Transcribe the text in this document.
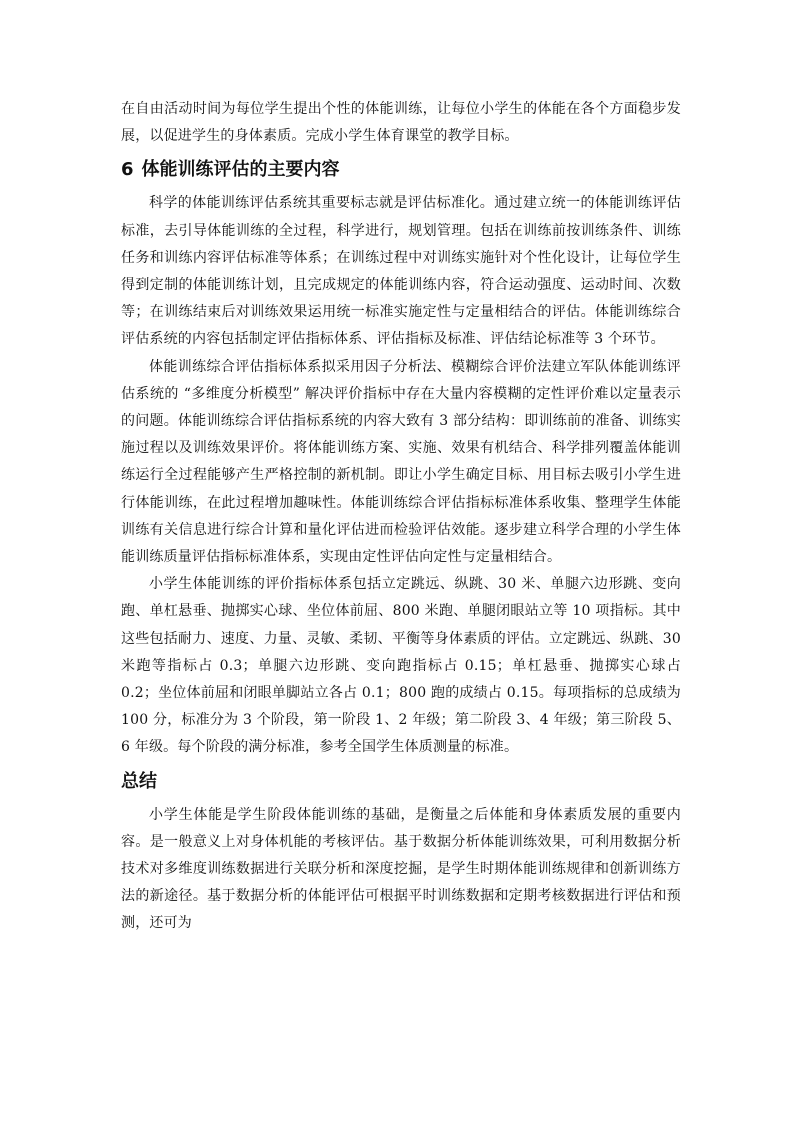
在自由活动时间为每位学生提出个性的体能训练，让每位小学生的体能在各个方面稳步发展，以促进学生的身体素质。完成小学生体育课堂的教学目标。

6 体能训练评估的主要内容

科学的体能训练评估系统其重要标志就是评估标准化。通过建立统一的体能训练评估标准，去引导体能训练的全过程，科学进行，规划管理。包括在训练前按训练条件、训练任务和训练内容评估标准等体系；在训练过程中对训练实施针对个性化设计，让每位学生得到定制的体能训练计划，且完成规定的体能训练内容，符合运动强度、运动时间、次数等；在训练结束后对训练效果运用统一标准实施定性与定量相结合的评估。体能训练综合评估系统的内容包括制定评估指标体系、评估指标及标准、评估结论标准等 3 个环节。

体能训练综合评估指标体系拟采用因子分析法、模糊综合评价法建立军队体能训练评估系统的 “多维度分析模型” 解决评价指标中存在大量内容模糊的定性评价难以定量表示的问题。体能训练综合评估指标系统的内容大致有 3 部分结构：即训练前的准备、训练实施过程以及训练效果评价。将体能训练方案、实施、效果有机结合、科学排列覆盖体能训练运行全过程能够产生严格控制的新机制。即让小学生确定目标、用目标去吸引小学生进行体能训练，在此过程增加趣味性。体能训练综合评估指标标准体系收集、整理学生体能训练有关信息进行综合计算和量化评估进而检验评估效能。逐步建立科学合理的小学生体能训练质量评估指标标准体系，实现由定性评估向定性与定量相结合。

小学生体能训练的评价指标体系包括立定跳远、纵跳、30 米、单腿六边形跳、变向跑、单杠悬垂、抛掷实心球、坐位体前屈、800 米跑、单腿闭眼站立等 10 项指标。其中这些包括耐力、速度、力量、灵敏、柔韧、平衡等身体素质的评估。立定跳远、纵跳、30 米跑等指标占 0.3；单腿六边形跳、变向跑指标占 0.15；单杠悬垂、抛掷实心球占 0.2；坐位体前屈和闭眼单脚站立各占 0.1；800 跑的成绩占 0.15。每项指标的总成绩为 100 分，标准分为 3 个阶段，第一阶段 1、2 年级；第二阶段 3、4 年级；第三阶段 5、6 年级。每个阶段的满分标准，参考全国学生体质测量的标准。

总结

小学生体能是学生阶段体能训练的基础，是衡量之后体能和身体素质发展的重要内容。是一般意义上对身体机能的考核评估。基于数据分析体能训练效果，可利用数据分析技术对多维度训练数据进行关联分析和深度挖掘，是学生时期体能训练规律和创新训练方法的新途径。基于数据分析的体能评估可根据平时训练数据和定期考核数据进行评估和预测，还可为
